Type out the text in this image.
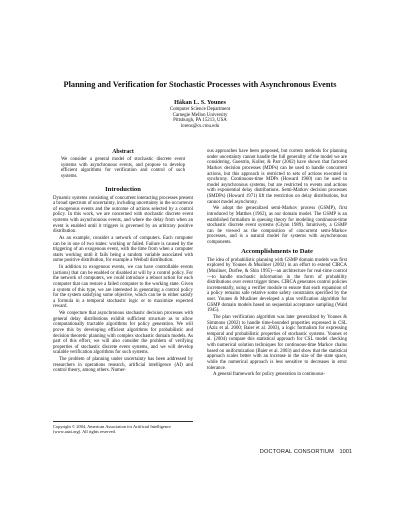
Planning and Verification for Stochastic Processes with Asynchronous Events
Håkan L. S. Younes
Computer Science Department
Carnegie Mellon University
Pittsburgh, PA 15213, USA
lorens@cs.cmu.edu
Abstract
We consider a general model of stochastic discrete event systems with asynchronous events, and propose to develop efficient algorithms for verification and control of such systems.
Introduction

Dynamic systems consisting of concurrent interacting processes present a broad spectrum of uncertainty, including uncertainty in the occurrence of exogenous events and the outcome of actions selected by a control policy. In this work, we are concerned with stochastic discrete event systems with asynchronous events, and where the delay from when an event is enabled until it triggers is governed by an arbitrary positive distribution.

As an example, consider a network of computers. Each computer can be in one of two states: working or failed. Failure is caused by the triggering of an exogenous event, with the time from when a computer starts working until it fails being a random variable associated with some positive distribution, for example a Weibull distribution.

In addition to exogenous events, we can have controllable events (actions) that can be enabled or disabled at will by a control policy. For the network of computers, we could introduce a reboot action for each computer that can restore a failed computer to the working state. Given a system of this type, we are interested in generating a control policy for the system satisfying some objective, which can be to either satisfy a formula in a temporal stochastic logic or to maximize expected reward.

We conjecture that asynchronous stochastic decision processes with general delay distributions exhibit sufficient structure as to allow computationally tractable algorithms for policy generation. We will prove this by developing efficient algorithms for probabilistic and decision theoretic planning with complex stochastic domain models. As part of this effort, we will also consider the problem of verifying properties of stochastic discrete event systems, and we will develop scalable verification algorithms for such systems.

The problem of planning under uncertainty has been addressed by researchers in operations research, artificial intelligence (AI) and control theory, among others. Numer-

Copyright © 2004, American Association for Artificial Intelligence (www.aaai.org). All rights reserved.

ous approaches have been proposed, but current methods for planning under uncertainty cannot handle the full generality of the model we are considering. Guestrin, Koller, & Parr (2002) have shown that factored Markov decision processes (MDPs) can be used to handle concurrent actions, but this approach is restricted to sets of actions executed in synchrony. Continuous-time MDPs (Howard 1960) can be used to model asynchronous systems, but are restricted to events and actions with exponential delay distributions. Semi-Markov decision processes (SMDPs) (Howard 1971) lift the restriction on delay distributions, but cannot model asynchrony.

We adopt the generalized semi-Markov process (GSMP), first introduced by Matthes (1962), as our domain model. The GSMP is an established formalism in queuing theory for modeling continuous-time stochastic discrete event systems (Glynn 1989). Intuitively, a GSMP can be viewed as the composition of concurrent semi-Markov processes, and is a natural model for systems with asynchronous components.

Accomplishments to Date

The idea of probabilistic planning with GSMP domain models was first explored by Younes & Musliner (2002) in an effort to extend CIRCA (Musliner, Durfee, & Shin 1995)—an architecture for real-time control—to handle stochastic information in the form of probability distributions over event trigger times. CIRCA generates control policies incrementally, using a verifier module to ensure that each expansion of a policy remains safe relative some safety constraints specified by the user. Younes & Musliner developed a plan verification algorithm for GSMP domain models based on sequential acceptance sampling (Wald 1945).

The plan verification algorithm was later generalized by Younes & Simmons (2002) to handle time-bounded properties expressed in CSL (Aziz et al. 2000; Baier et al. 2003), a logic formalism for expressing temporal and probabilistic properties of stochastic systems. Younes et al. (2004) compare this statistical approach for CSL model checking with numerical solution techniques for continuous-time Markov chains based on uniformization (Baier et al. 2003) and show that the statistical approach scales better with an increase in the size of the state space, while the numerical approach is less sensitive to decreases in error tolerance.

A general framework for policy generation in continuous-

DOCTORAL CONSORTIUM 1001
